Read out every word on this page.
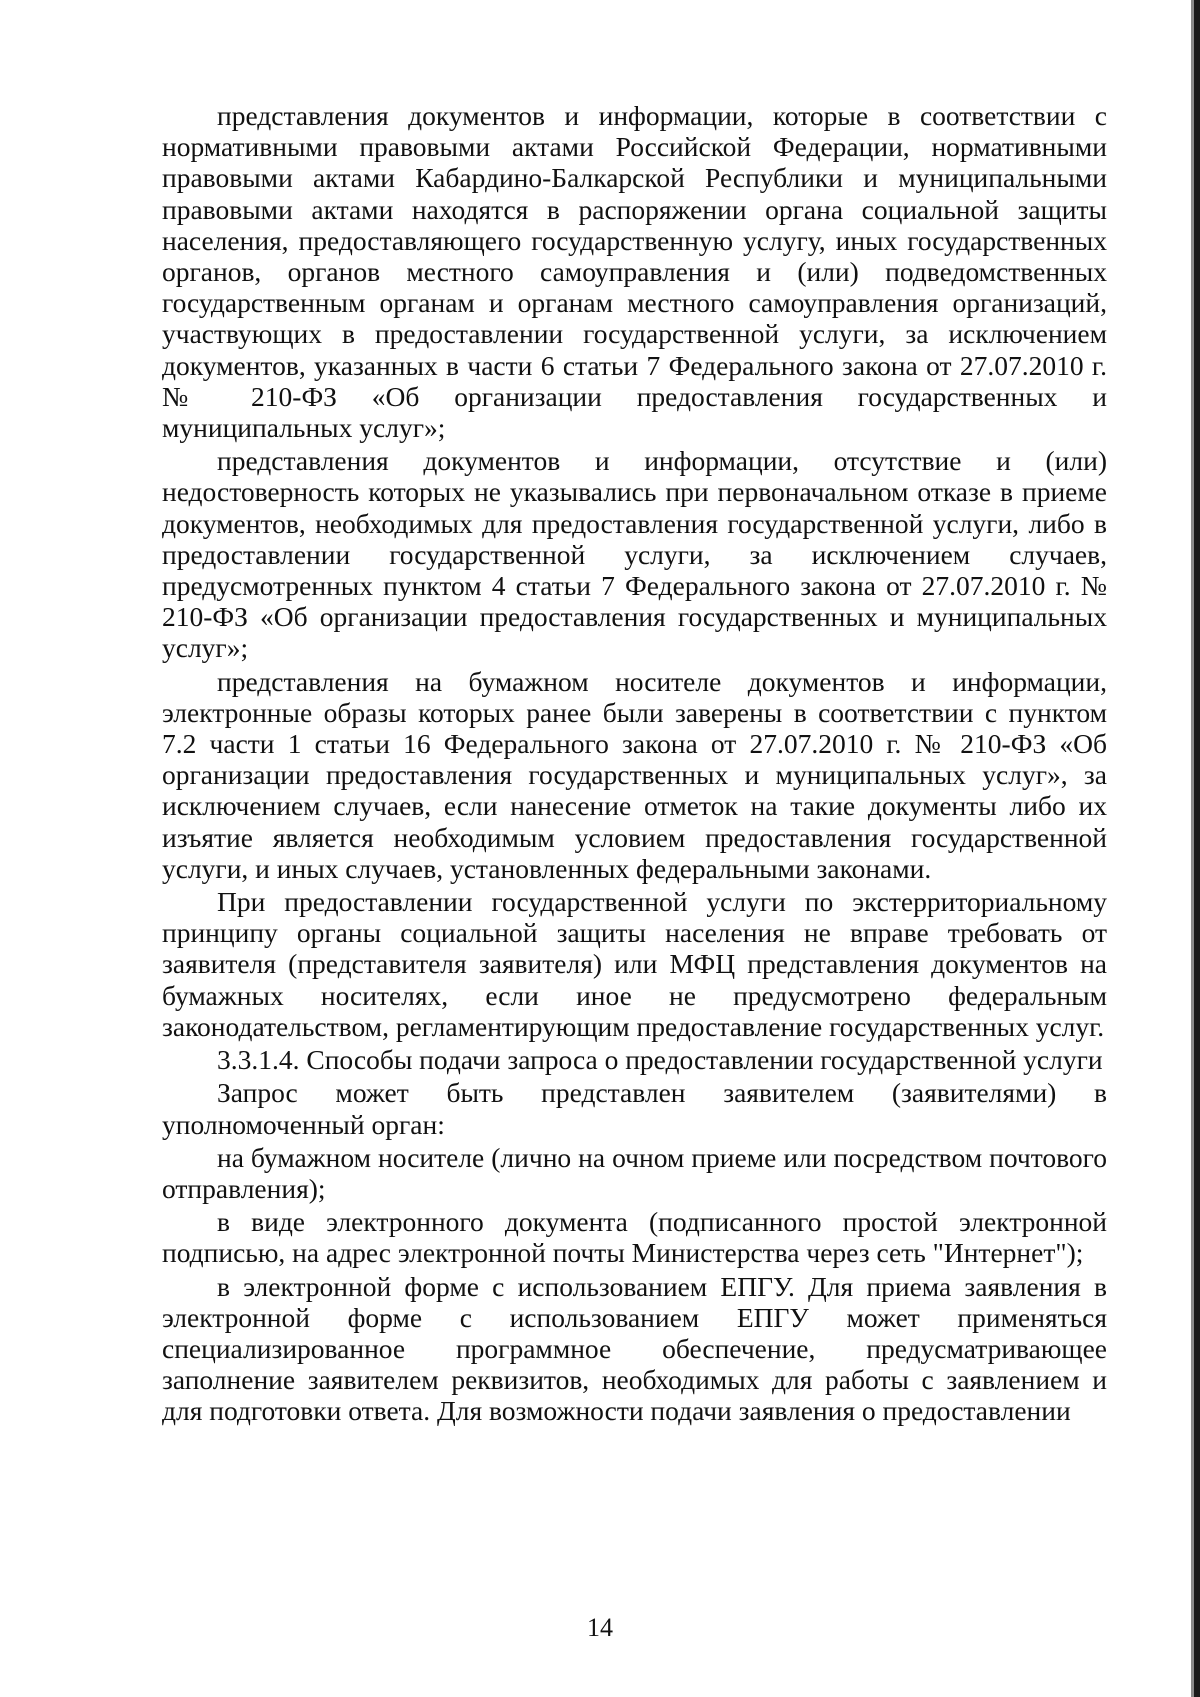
представления документов и информации, которые в соответствии с нормативными правовыми актами Российской Федерации, нормативными правовыми актами Кабардино-Балкарской Республики и муниципальными правовыми актами находятся в распоряжении органа социальной защиты населения, предоставляющего государственную услугу, иных государственных органов, органов местного самоуправления и (или) подведомственных государственным органам и органам местного самоуправления организаций, участвующих в предоставлении государственной услуги, за исключением документов, указанных в части 6 статьи 7 Федерального закона от 27.07.2010 г. № 210-ФЗ «Об организации предоставления государственных и муниципальных услуг»;

представления документов и информации, отсутствие и (или) недостоверность которых не указывались при первоначальном отказе в приеме документов, необходимых для предоставления государственной услуги, либо в предоставлении государственной услуги, за исключением случаев, предусмотренных пунктом 4 статьи 7 Федерального закона от 27.07.2010 г. № 210-ФЗ «Об организации предоставления государственных и муниципальных услуг»;

представления на бумажном носителе документов и информации, электронные образы которых ранее были заверены в соответствии с пунктом 7.2 части 1 статьи 16 Федерального закона от 27.07.2010 г. № 210-ФЗ «Об организации предоставления государственных и муниципальных услуг», за исключением случаев, если нанесение отметок на такие документы либо их изъятие является необходимым условием предоставления государственной услуги, и иных случаев, установленных федеральными законами.

При предоставлении государственной услуги по экстерриториальному принципу органы социальной защиты населения не вправе требовать от заявителя (представителя заявителя) или МФЦ представления документов на бумажных носителях, если иное не предусмотрено федеральным законодательством, регламентирующим предоставление государственных услуг.

3.3.1.4. Способы подачи запроса о предоставлении государственной услуги

Запрос может быть представлен заявителем (заявителями) в уполномоченный орган:

на бумажном носителе (лично на очном приеме или посредством почтового отправления);

в виде электронного документа (подписанного простой электронной подписью, на адрес электронной почты Министерства через сеть "Интернет");

в электронной форме с использованием ЕПГУ. Для приема заявления в электронной форме с использованием ЕПГУ может применяться специализированное программное обеспечение, предусматривающее заполнение заявителем реквизитов, необходимых для работы с заявлением и для подготовки ответа. Для возможности подачи заявления о предоставлении

14
